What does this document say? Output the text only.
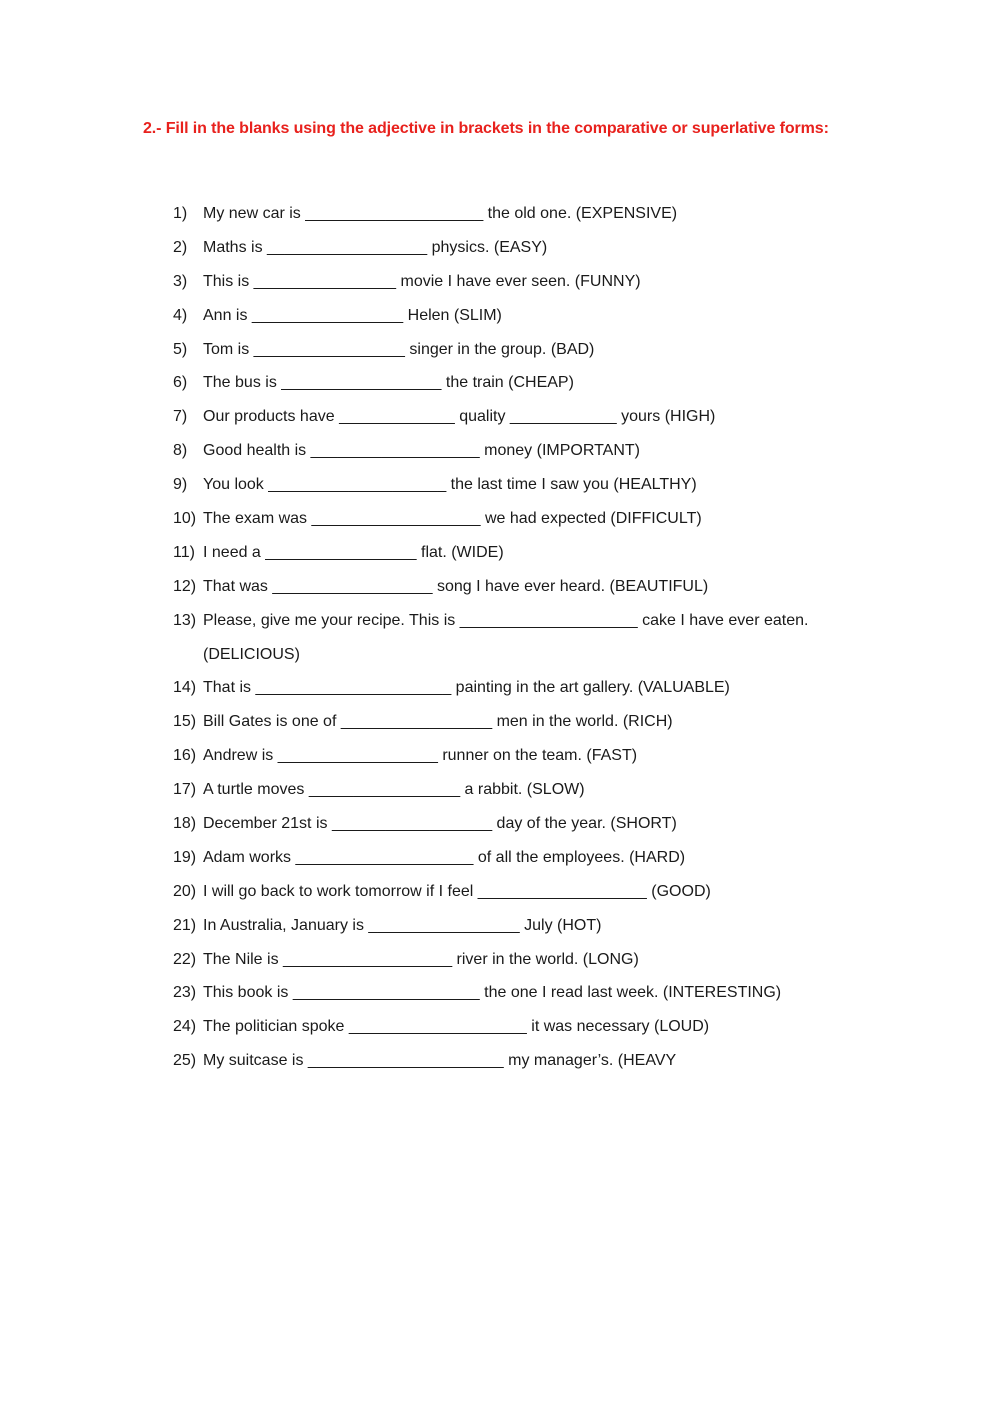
2.- Fill in the blanks using the adjective in brackets in the comparative or superlative forms:
1) My new car is ____________________ the old one. (EXPENSIVE)
2) Maths is __________________ physics. (EASY)
3) This is ________________ movie I have ever seen. (FUNNY)
4) Ann is _________________ Helen (SLIM)
5) Tom is _________________ singer in the group. (BAD)
6) The bus is __________________ the train (CHEAP)
7) Our products have _____________ quality ____________ yours (HIGH)
8) Good health is ___________________ money (IMPORTANT)
9) You look ____________________ the last time I saw you (HEALTHY)
10) The exam was ___________________ we had expected (DIFFICULT)
11) I need a _________________ flat. (WIDE)
12) That was __________________ song I have ever heard. (BEAUTIFUL)
13) Please, give me your recipe. This is ____________________ cake I have ever eaten.
(DELICIOUS)
14) That is ______________________ painting in the art gallery. (VALUABLE)
15) Bill Gates is one of _________________ men in the world. (RICH)
16) Andrew is __________________ runner on the team. (FAST)
17) A turtle moves _________________ a rabbit. (SLOW)
18) December 21st is __________________ day of the year. (SHORT)
19) Adam works ____________________ of all the employees. (HARD)
20) I will go back to work tomorrow if I feel ___________________ (GOOD)
21) In Australia, January is _________________ July (HOT)
22) The Nile is ___________________ river in the world. (LONG)
23) This book is _____________________ the one I read last week. (INTERESTING)
24) The politician spoke ____________________ it was necessary (LOUD)
25) My suitcase is ______________________ my manager’s. (HEAVY
